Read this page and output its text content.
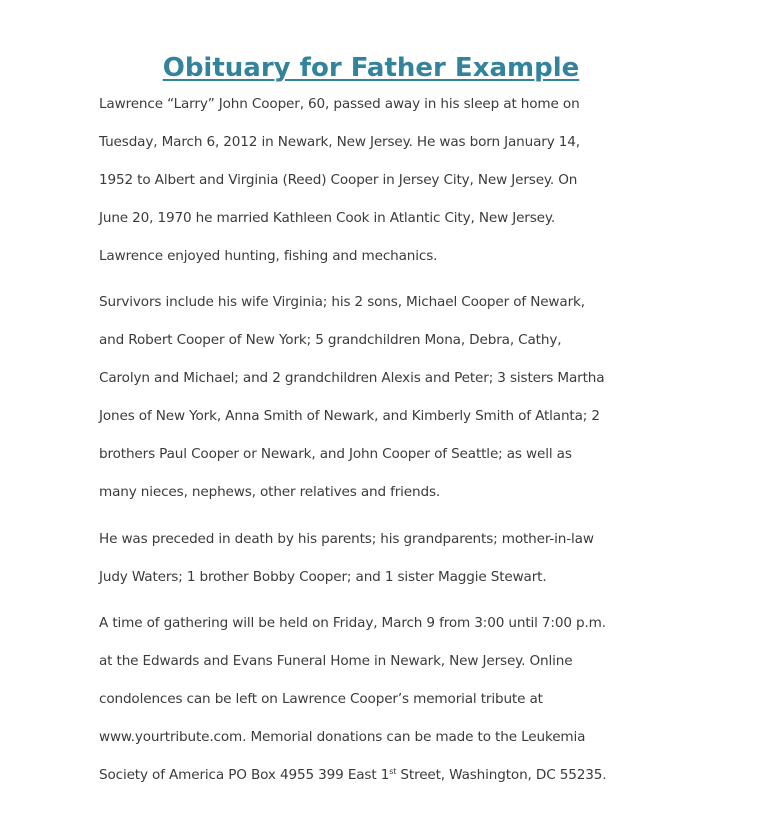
Obituary for Father Example

Lawrence “Larry” John Cooper, 60, passed away in his sleep at home on
Tuesday, March 6, 2012 in Newark, New Jersey. He was born January 14,
1952 to Albert and Virginia (Reed) Cooper in Jersey City, New Jersey. On
June 20, 1970 he married Kathleen Cook in Atlantic City, New Jersey.
Lawrence enjoyed hunting, fishing and mechanics.

Survivors include his wife Virginia; his 2 sons, Michael Cooper of Newark,
and Robert Cooper of New York; 5 grandchildren Mona, Debra, Cathy,
Carolyn and Michael; and 2 grandchildren Alexis and Peter; 3 sisters Martha
Jones of New York, Anna Smith of Newark, and Kimberly Smith of Atlanta; 2
brothers Paul Cooper or Newark, and John Cooper of Seattle; as well as
many nieces, nephews, other relatives and friends.

He was preceded in death by his parents; his grandparents; mother-in-law
Judy Waters; 1 brother Bobby Cooper; and 1 sister Maggie Stewart.

A time of gathering will be held on Friday, March 9 from 3:00 until 7:00 p.m.
at the Edwards and Evans Funeral Home in Newark, New Jersey. Online
condolences can be left on Lawrence Cooper’s memorial tribute at
www.yourtribute.com. Memorial donations can be made to the Leukemia
Society of America PO Box 4955 399 East 1st Street, Washington, DC 55235.
